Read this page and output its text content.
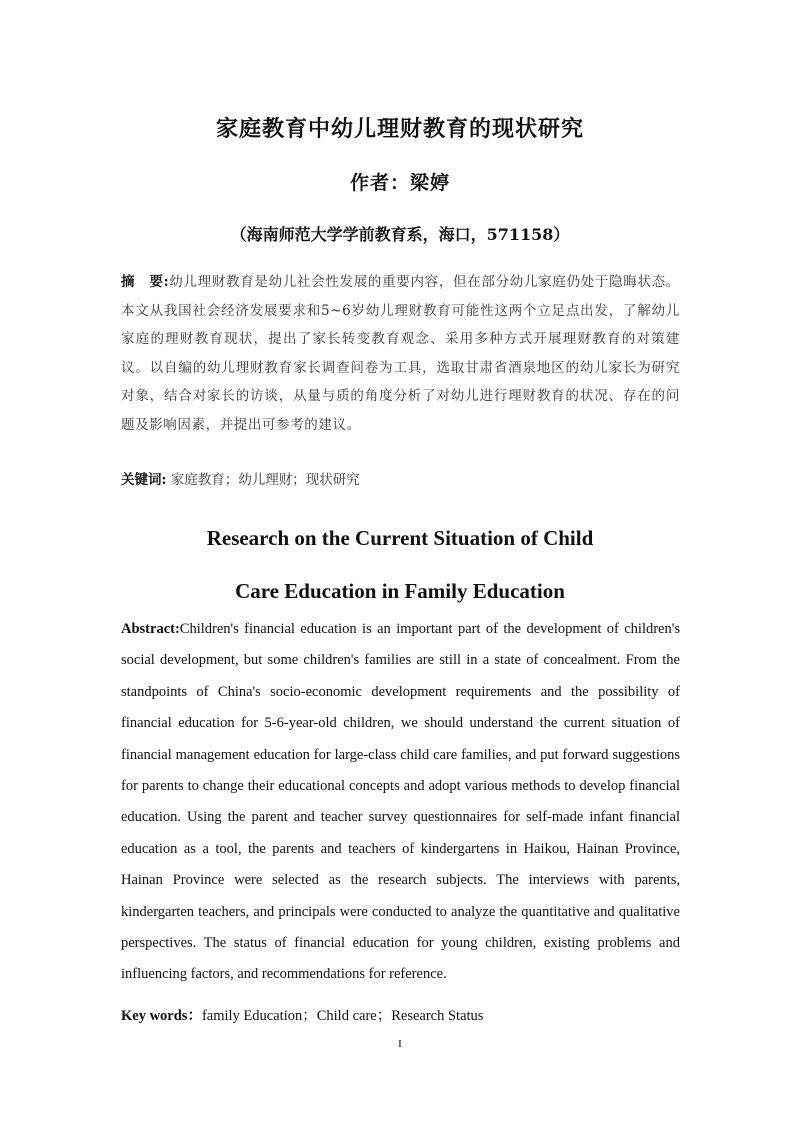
家庭教育中幼儿理财教育的现状研究
作者：梁婷
（海南师范大学学前教育系，海口，571158）
摘　要:幼儿理财教育是幼儿社会性发展的重要内容，但在部分幼儿家庭仍处于隐晦状态。本文从我国社会经济发展要求和5~6岁幼儿理财教育可能性这两个立足点出发，了解幼儿家庭的理财教育现状，提出了家长转变教育观念、采用多种方式开展理财教育的对策建议。以自编的幼儿理财教育家长调查问卷为工具，选取甘肃省酒泉地区的幼儿家长为研究对象，结合对家长的访谈，从量与质的角度分析了对幼儿进行理财教育的状况、存在的问题及影响因素，并提出可参考的建议。
关键词: 家庭教育；幼儿理财；现状研究
Research on the Current Situation of Child
Care Education in Family Education
Abstract:Children's financial education is an important part of the development of children's social development, but some children's families are still in a state of concealment. From the standpoints of China's socio-economic development requirements and the possibility of financial education for 5-6-year-old children, we should understand the current situation of financial management education for large-class child care families, and put forward suggestions for parents to change their educational concepts and adopt various methods to develop financial education. Using the parent and teacher survey questionnaires for self-made infant financial education as a tool, the parents and teachers of kindergartens in Haikou, Hainan Province, Hainan Province were selected as the research subjects. The interviews with parents, kindergarten teachers, and principals were conducted to analyze the quantitative and qualitative perspectives. The status of financial education for young children, existing problems and influencing factors, and recommendations for reference.
Key words：family Education；Child care；Research Status
I
